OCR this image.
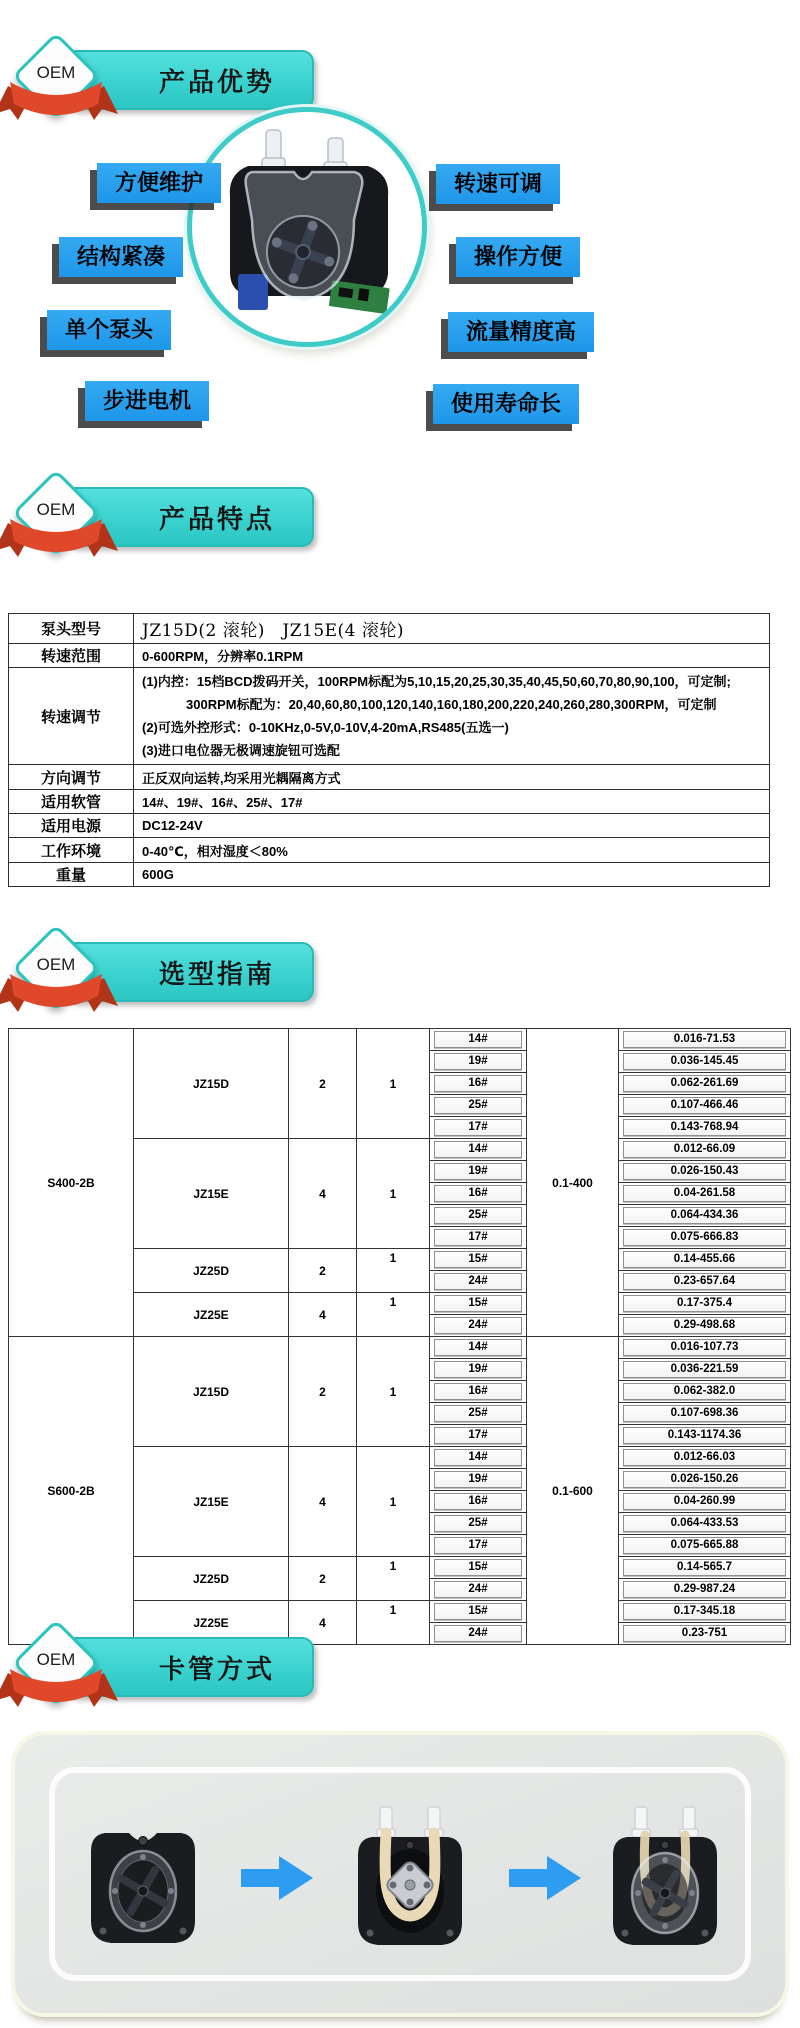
产品优势
OEM
方便维护
结构紧凑
单个泵头
步进电机
转速可调
操作方便
流量精度高
使用寿命长
产品特点
OEM
泵头型号	JZ15D(2 滚轮)　JZ15E(4 滚轮)
转速范围	0-600RPM，分辨率0.1RPM
转速调节	(1)内控：15档BCD拨码开关，100RPM标配为5,10,15,20,25,30,35,40,45,50,60,70,80,90,100，可定制;
300RPM标配为：20,40,60,80,100,120,140,160,180,200,220,240,260,280,300RPM，可定制
(2)可选外控形式：0-10KHz,0-5V,0-10V,4-20mA,RS485(五选一)
(3)进口电位器无极调速旋钮可选配

方向调节	正反双向运转,均采用光耦隔离方式
适用软管	14#、19#、16#、25#、17#
适用电源	DC12-24V
工作环境	0-40℃，相对湿度＜80%
重量	600G
选型指南
OEM
S400-2B	JZ15D	2	1	14#	0.1-400	0.016-71.53

				19#		0.036-145.45

				16#		0.062-261.69

				25#		0.107-466.46

				17#		0.143-768.94

	JZ15E	4	1	14#		0.012-66.09

				19#		0.026-150.43

				16#		0.04-261.58

				25#		0.064-434.36

				17#		0.075-666.83

	JZ25D	2	1	15#		0.14-455.66

				24#		0.23-657.64

	JZ25E	4	1	15#		0.17-375.4

				24#		0.29-498.68

S600-2B	JZ15D	2	1	14#	0.1-600	0.016-107.73

				19#		0.036-221.59

				16#		0.062-382.0

				25#		0.107-698.36

				17#		0.143-1174.36

	JZ15E	4	1	14#		0.012-66.03

				19#		0.026-150.26

				16#		0.04-260.99

				25#		0.064-433.53

				17#		0.075-665.88

	JZ25D	2	1	15#		0.14-565.7

				24#		0.29-987.24

	JZ25E	4	1	15#		0.17-345.18

				24#		0.23-751
卡管方式
OEM
